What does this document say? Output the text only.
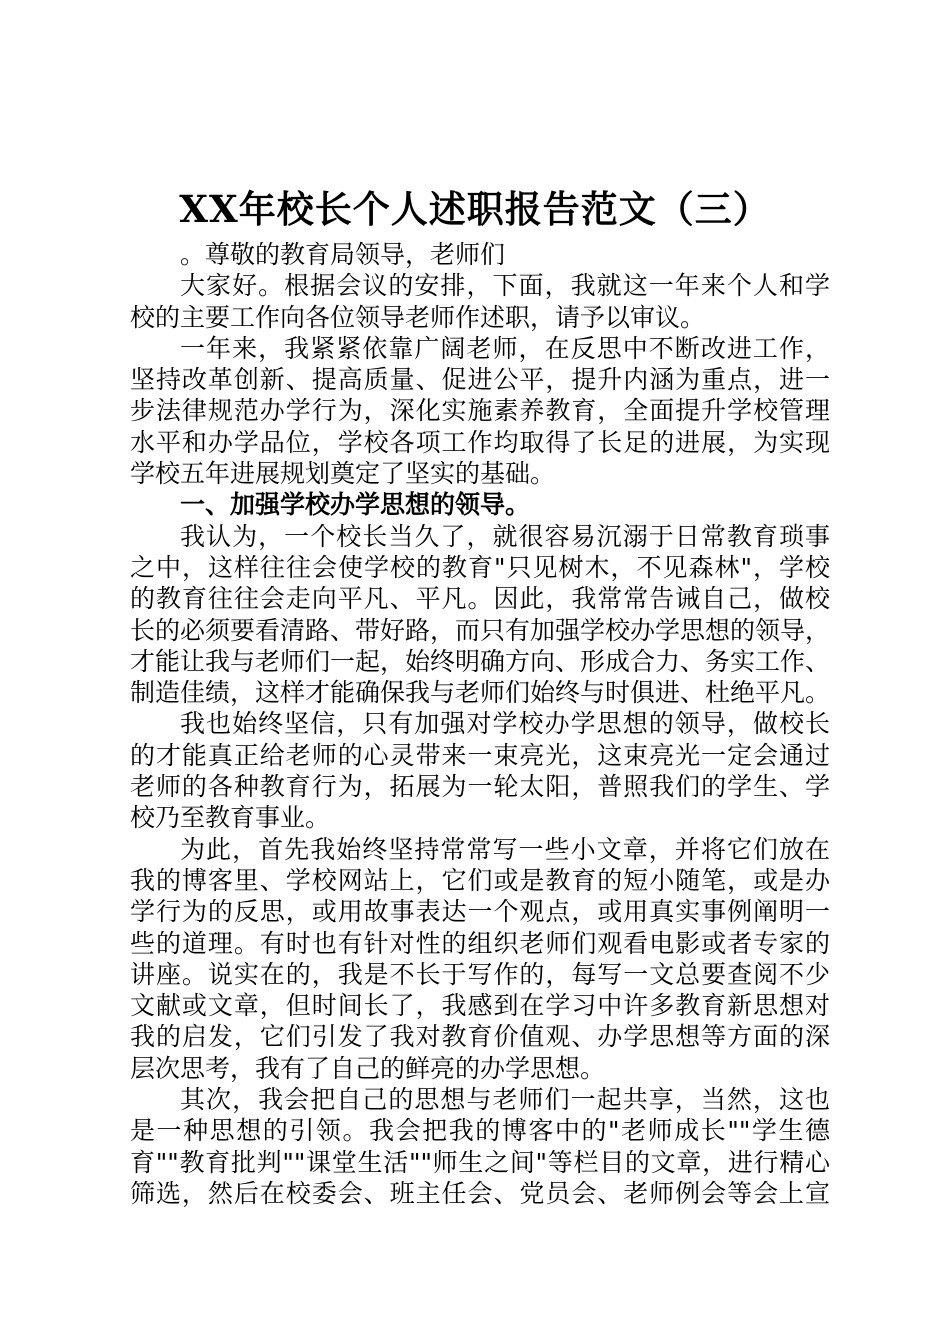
XX年校长个人述职报告范文（三）
。尊敬的教育局领导，老师们
大家好。根据会议的安排，下面，我就这一年来个人和学
校的主要工作向各位领导老师作述职，请予以审议。
一年来，我紧紧依靠广阔老师，在反思中不断改进工作，
坚持改革创新、提高质量、促进公平，提升内涵为重点，进一
步法律规范办学行为，深化实施素养教育，全面提升学校管理
水平和办学品位，学校各项工作均取得了长足的进展，为实现
学校五年进展规划奠定了坚实的基础。
一、加强学校办学思想的领导。
我认为，一个校长当久了，就很容易沉溺于日常教育琐事
之中，这样往往会使学校的教育"只见树木，不见森林"，学校
的教育往往会走向平凡、平凡。因此，我常常告诫自己，做校
长的必须要看清路、带好路，而只有加强学校办学思想的领导，
才能让我与老师们一起，始终明确方向、形成合力、务实工作、
制造佳绩，这样才能确保我与老师们始终与时俱进、杜绝平凡。
我也始终坚信，只有加强对学校办学思想的领导，做校长
的才能真正给老师的心灵带来一束亮光，这束亮光一定会通过
老师的各种教育行为，拓展为一轮太阳，普照我们的学生、学
校乃至教育事业。
为此，首先我始终坚持常常写一些小文章，并将它们放在
我的博客里、学校网站上，它们或是教育的短小随笔，或是办
学行为的反思，或用故事表达一个观点，或用真实事例阐明一
些的道理。有时也有针对性的组织老师们观看电影或者专家的
讲座。说实在的，我是不长于写作的，每写一文总要查阅不少
文献或文章，但时间长了，我感到在学习中许多教育新思想对
我的启发，它们引发了我对教育价值观、办学思想等方面的深
层次思考，我有了自己的鲜亮的办学思想。
其次，我会把自己的思想与老师们一起共享，当然，这也
是一种思想的引领。我会把我的博客中的"老师成长""学生德
育""教育批判""课堂生活""师生之间"等栏目的文章，进行精心
筛选，然后在校委会、班主任会、党员会、老师例会等会上宣
